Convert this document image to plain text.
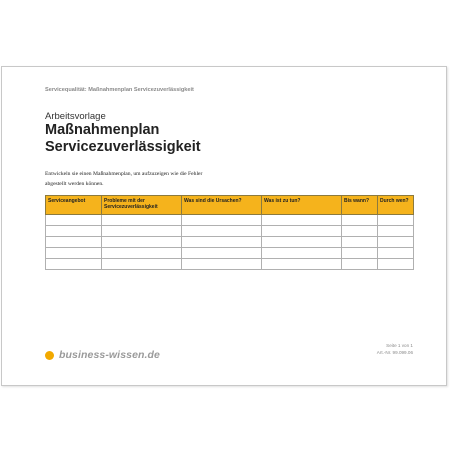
Servicequalität: Maßnahmenplan Servicezuverlässigkeit
Arbeitsvorlage
Maßnahmenplan
Servicezuverlässigkeit
Entwickeln sie einen Maßnahmenplan, um aufzuzeigen wie die Fehler
abgestellt werden können.
Serviceangebot	Probleme mit der Servicezuverlässigkeit	Was sind die Ursachen?	Was ist zu tun?	Bis wann?	Durch wen?

Seite 1 von 1
Art.-Nr. 99.099.06
business-wissen.de
